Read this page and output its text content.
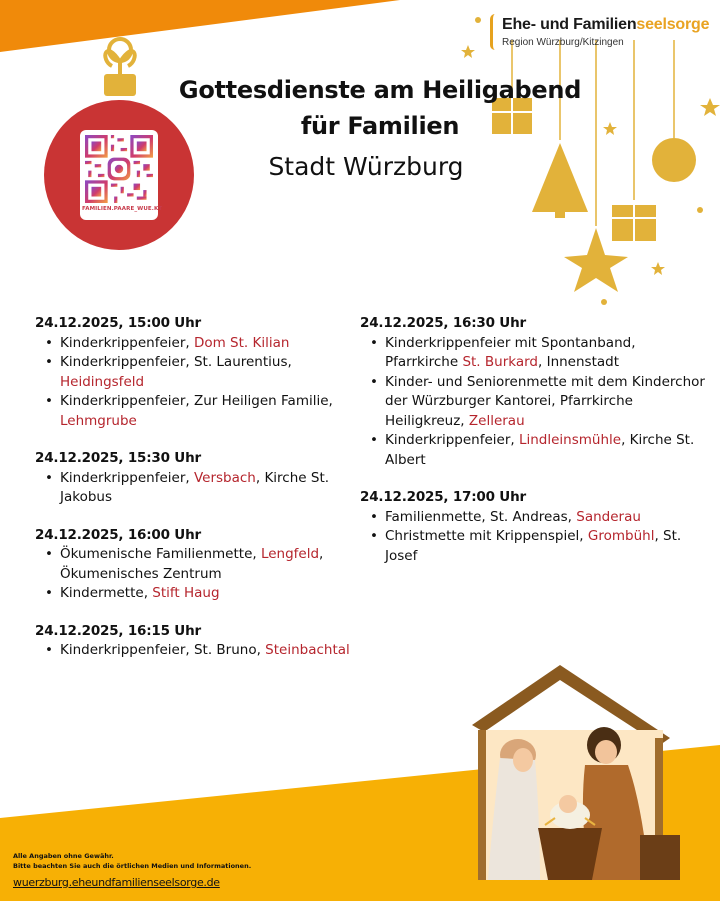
FAMILIEN.PAARE_WUE.KT
Ehe- und Familienseelsorge
Region Würzburg/Kitzingen
Gottesdienste am Heiligabend
für Familien
Stadt Würzburg
24.12.2025, 15:00 Uhr
• Kinderkrippenfeier, Dom St. Kilian
• Kinderkrippenfeier, St. Laurentius, Heidingsfeld
• Kinderkrippenfeier, Zur Heiligen Familie, Lehmgrube
24.12.2025, 15:30 Uhr
• Kinderkrippenfeier, Versbach, Kirche St. Jakobus
24.12.2025, 16:00 Uhr
• Ökumenische Familienmette, Lengfeld, Ökumenisches Zentrum
• Kindermette, Stift Haug
24.12.2025, 16:15 Uhr
• Kinderkrippenfeier, St. Bruno, Steinbachtal
24.12.2025, 16:30 Uhr
• Kinderkrippenfeier mit Spontanband, Pfarrkirche St. Burkard, Innenstadt
• Kinder- und Seniorenmette mit dem Kinderchor der Würzburger Kantorei, Pfarrkirche Heiligkreuz, Zellerau
• Kinderkrippenfeier, Lindleinsmühle, Kirche St. Albert
24.12.2025, 17:00 Uhr
• Familienmette, St. Andreas, Sanderau
• Christmette mit Krippenspiel, Grombühl, St. Josef
Alle Angaben ohne Gewähr.
Bitte beachten Sie auch die örtlichen Medien und Informationen.
wuerzburg.eheundfamilienseelsorge.de
